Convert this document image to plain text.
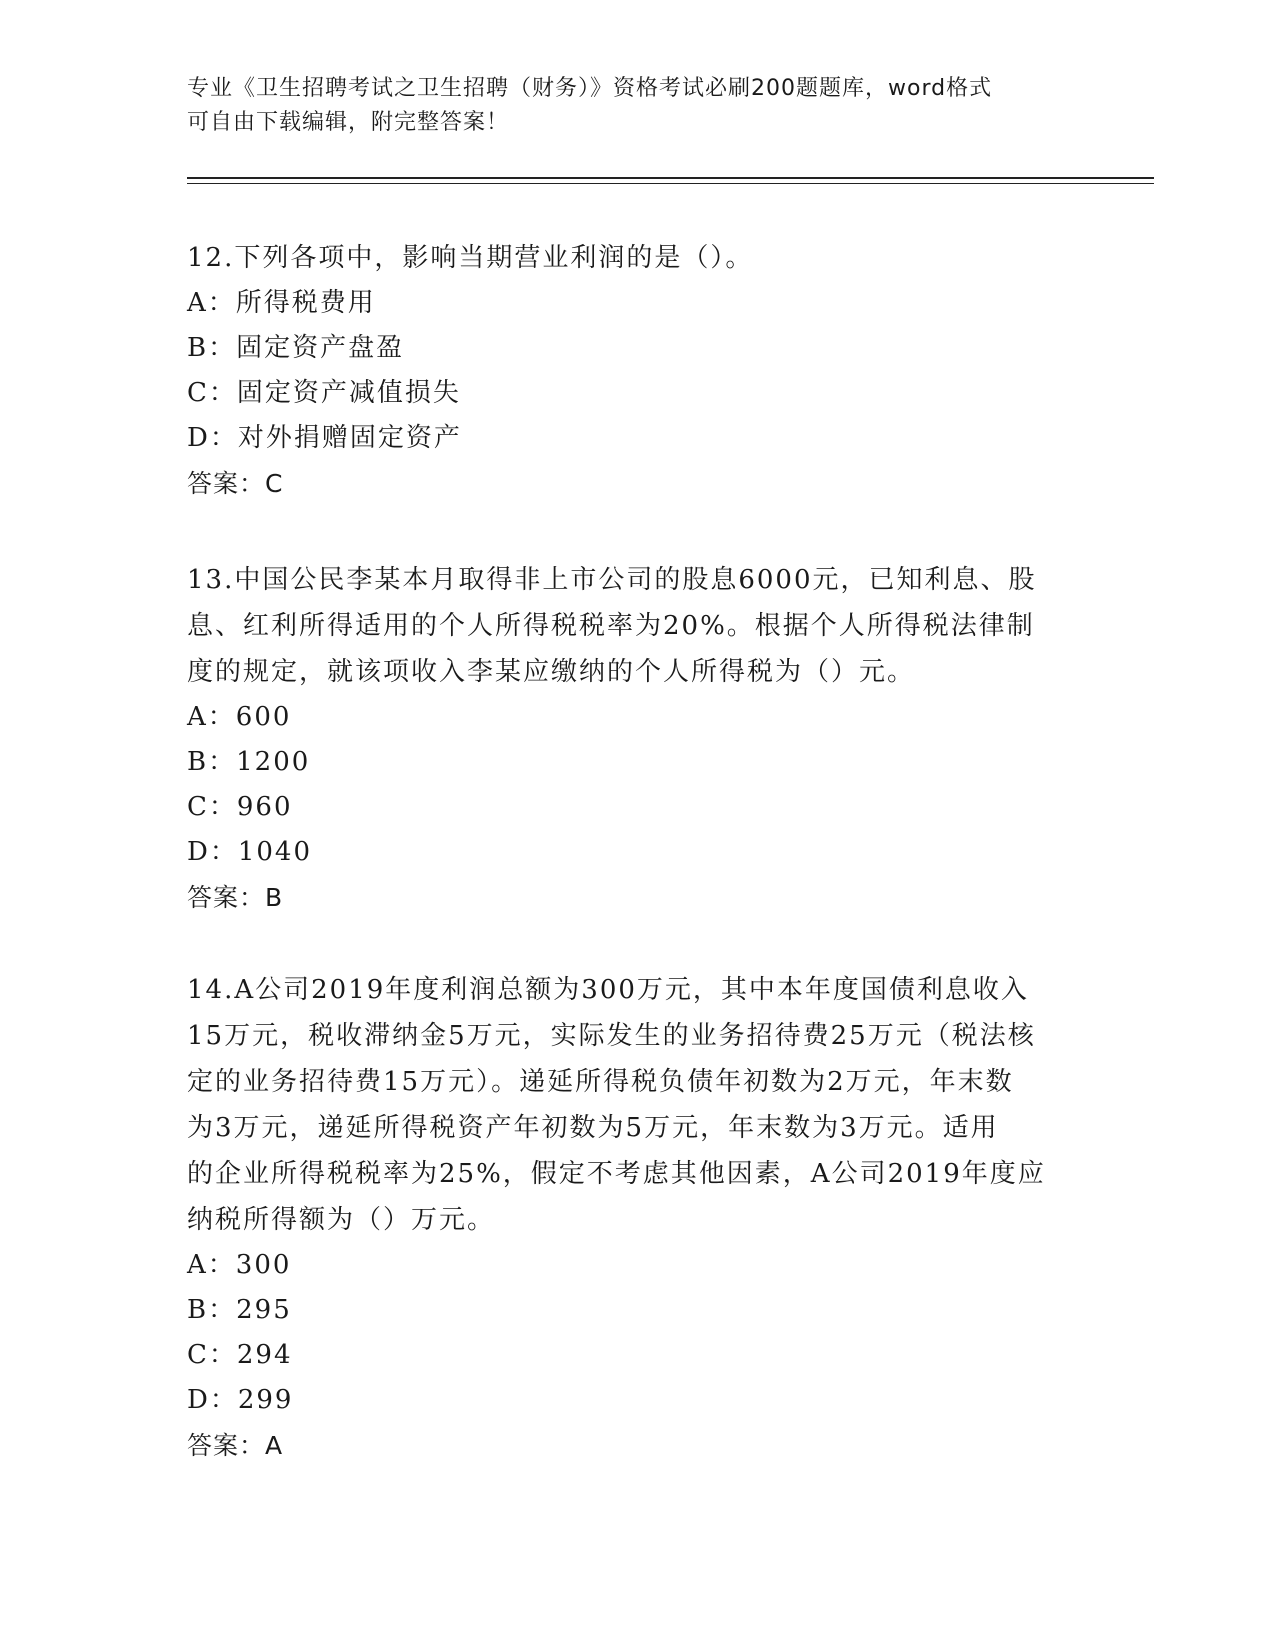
专业《卫生招聘考试之卫生招聘（财务）》资格考试必刷200题题库，word格式
可自由下载编辑，附完整答案！

12.下列各项中，影响当期营业利润的是（）。

A：所得税费用

B：固定资产盘盈

C：固定资产减值损失

D：对外捐赠固定资产

答案：C

13.中国公民李某本月取得非上市公司的股息6000元，已知利息、股

息、红利所得适用的个人所得税税率为20%。根据个人所得税法律制

度的规定，就该项收入李某应缴纳的个人所得税为（）元。

A：600

B：1200

C：960

D：1040

答案：B

14.A公司2019年度利润总额为300万元，其中本年度国债利息收入

15万元，税收滞纳金5万元，实际发生的业务招待费25万元（税法核

定的业务招待费15万元）。递延所得税负债年初数为2万元，年末数

为3万元，递延所得税资产年初数为5万元，年末数为3万元。适用

的企业所得税税率为25%，假定不考虑其他因素，A公司2019年度应

纳税所得额为（）万元。

A：300

B：295

C：294

D：299

答案：A
